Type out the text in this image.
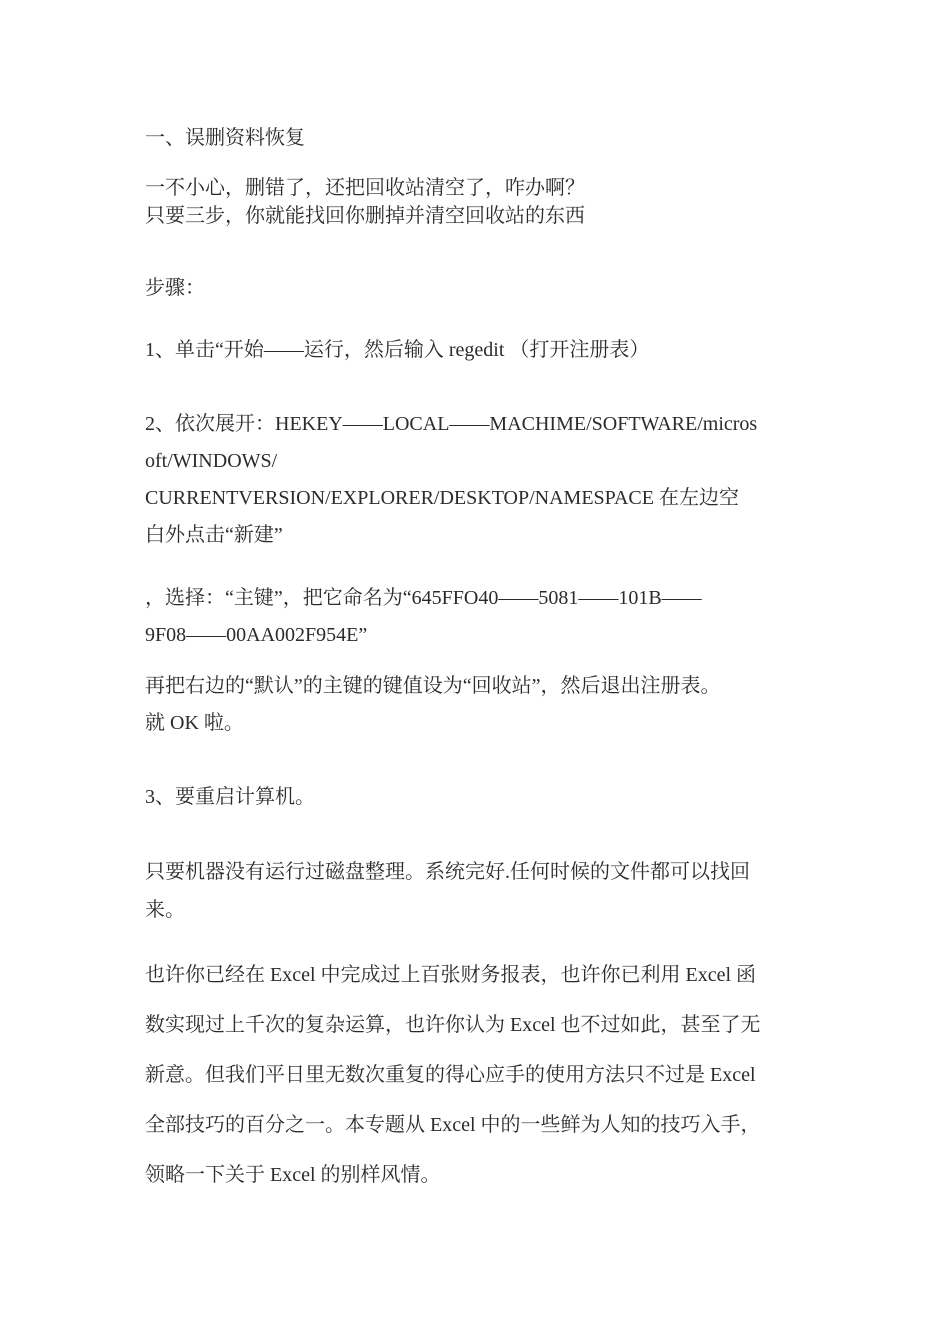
一、误删资料恢复

一不小心，删错了，还把回收站清空了，咋办啊？
只要三步，你就能找回你删掉并清空回收站的东西

步骤：

1、单击“开始——运行，然后输入 regedit （打开注册表）

2、依次展开：HEKEY——LOCAL——MACHIME/SOFTWARE/micros
oft/WINDOWS/
CURRENTVERSION/EXPLORER/DESKTOP/NAMESPACE 在左边空
白外点击“新建”
，选择：“主键”，把它命名为“645FFO40——5081——101B——
9F08——00AA002F954E”
再把右边的“默认”的主键的键值设为“回收站”，然后退出注册表。
就 OK 啦。

3、要重启计算机。

只要机器没有运行过磁盘整理。系统完好.任何时候的文件都可以找回
来。
也许你已经在 Excel 中完成过上百张财务报表，也许你已利用 Excel 函
数实现过上千次的复杂运算，也许你认为 Excel 也不过如此，甚至了无
新意。但我们平日里无数次重复的得心应手的使用方法只不过是 Excel
全部技巧的百分之一。本专题从 Excel 中的一些鲜为人知的技巧入手，
领略一下关于 Excel 的别样风情。
